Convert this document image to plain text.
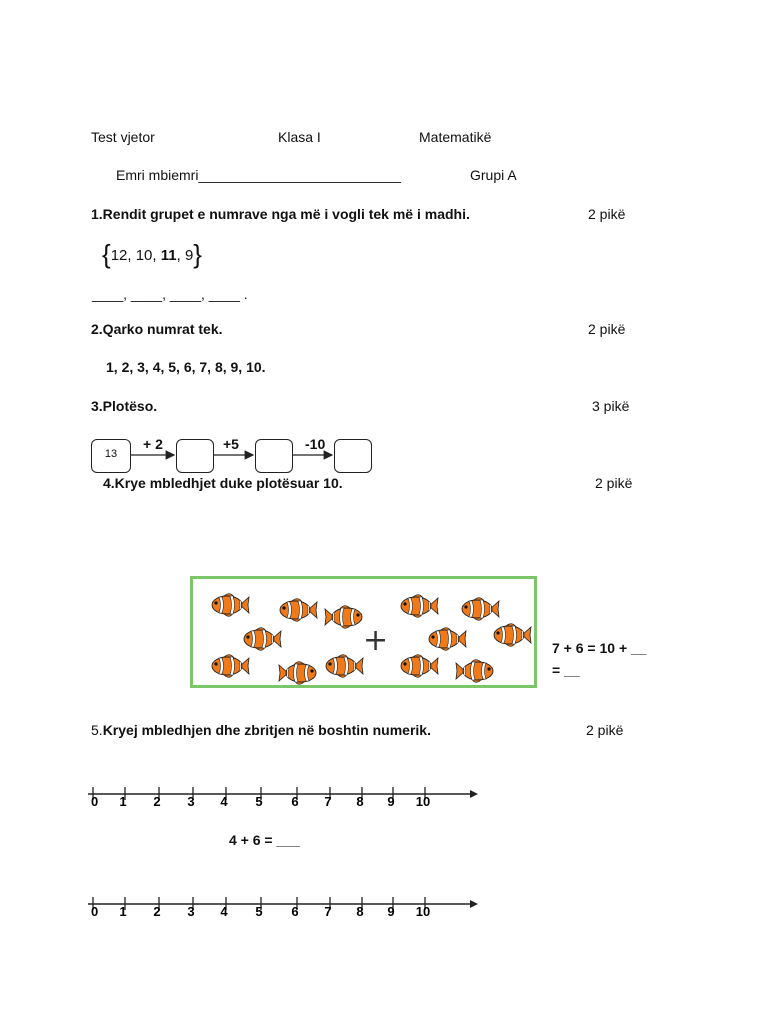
Test vjetor	Klasa I	Matematikë
Emri mbiemri__________________________	Grupi A
1.Rendit grupet e numrave nga më i vogli tek më i madhi.	2 pikë
{12, 10, 11, 9}
____, ____, ____, ____ .
2.Qarko numrat tek.	2 pikë
1, 2, 3, 4, 5, 6, 7, 8, 9, 10.
3.Plotëso.	3 pikë
13
+ 2	+5	-10
4.Krye mbledhjet duke plotësuar 10.	2 pikë
+	7 + 6 = 10 + __
= __
5.Kryej mbledhjen dhe zbritjen në boshtin numerik.	2 pikë
0 1 2 3 4 5 6 7 8 9 10
4 + 6 = ___
0 1 2 3 4 5 6 7 8 9 10
